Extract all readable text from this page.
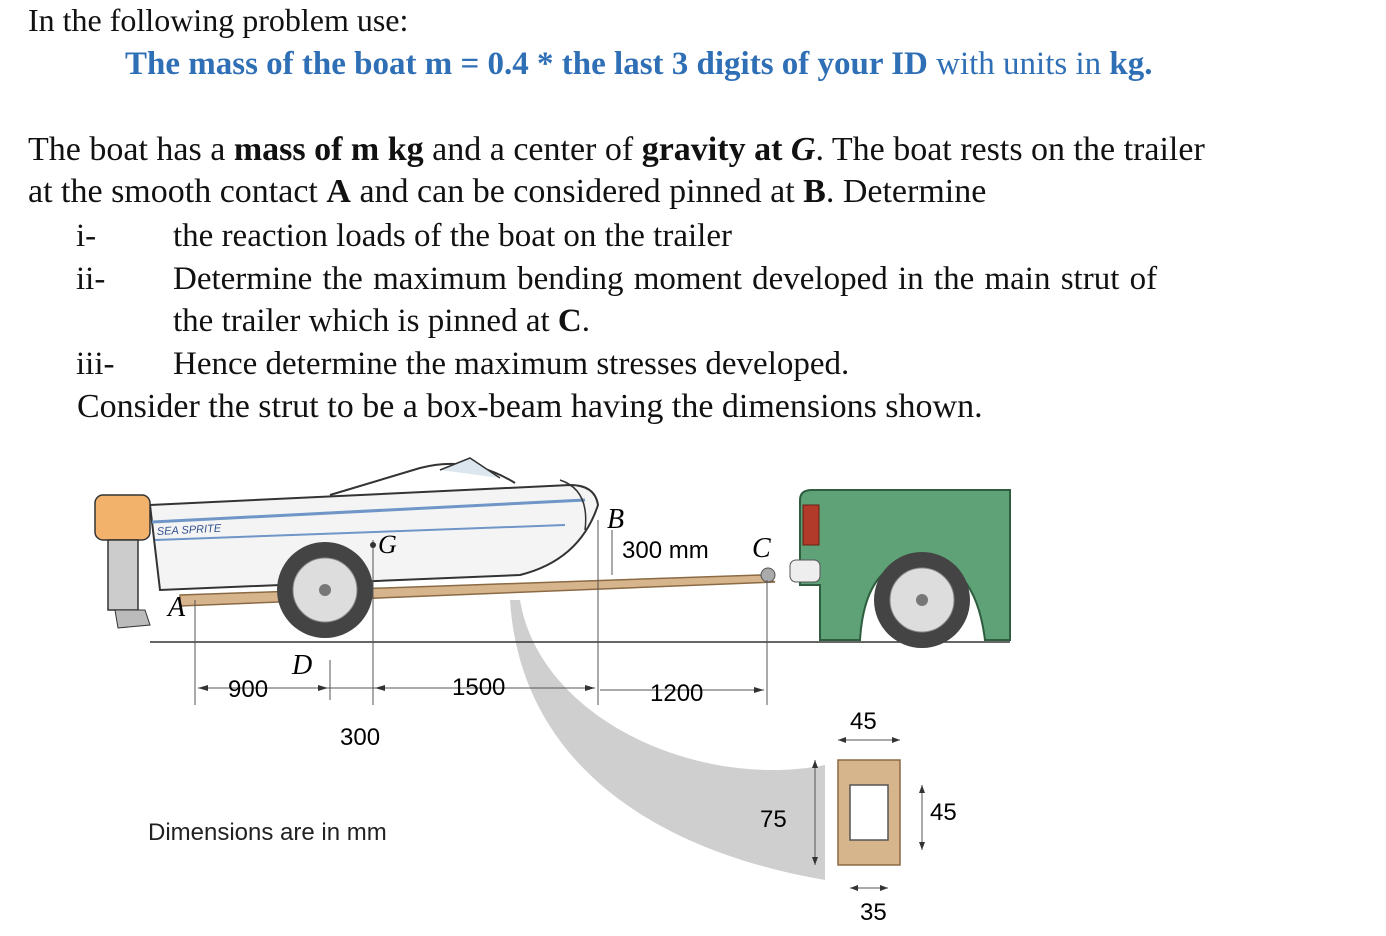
In the following problem use:
The mass of the boat m = 0.4 * the last 3 digits of your ID with units in kg.
The boat has a mass of m kg and a center of gravity at G. The boat rests on the trailer
at the smooth contact A and can be considered pinned at B. Determine
i- the reaction loads of the boat on the trailer
ii- Determine the maximum bending moment developed in the main strut of
the trailer which is pinned at C.
iii- Hence determine the maximum stresses developed.
Consider the strut to be a box-beam having the dimensions shown.
SEA SPRITE	G
A
B
C
D
300 mm
900	1500	1200
300
45
75	45
35
Dimensions are in mm
